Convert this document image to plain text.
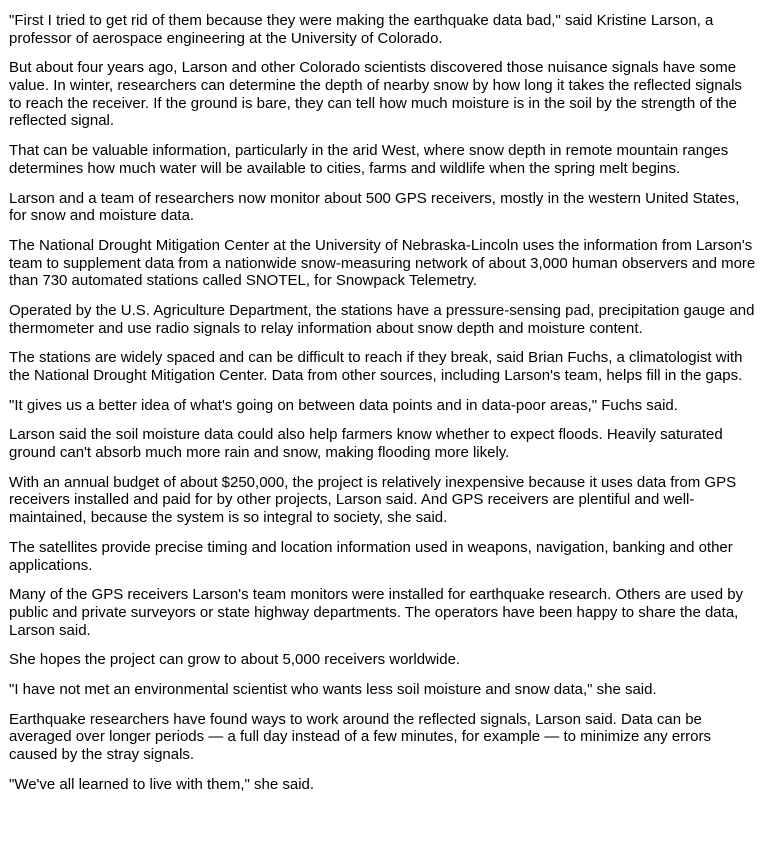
"First I tried to get rid of them because they were making the earthquake data bad," said Kristine Larson, a professor of aerospace engineering at the University of Colorado.

But about four years ago, Larson and other Colorado scientists discovered those nuisance signals have some value. In winter, researchers can determine the depth of nearby snow by how long it takes the reflected signals to reach the receiver. If the ground is bare, they can tell how much moisture is in the soil by the strength of the reflected signal.

That can be valuable information, particularly in the arid West, where snow depth in remote mountain ranges determines how much water will be available to cities, farms and wildlife when the spring melt begins.

Larson and a team of researchers now monitor about 500 GPS receivers, mostly in the western United States, for snow and moisture data.

The National Drought Mitigation Center at the University of Nebraska-Lincoln uses the information from Larson's team to supplement data from a nationwide snow-measuring network of about 3,000 human observers and more than 730 automated stations called SNOTEL, for Snowpack Telemetry.

Operated by the U.S. Agriculture Department, the stations have a pressure-sensing pad, precipitation gauge and thermometer and use radio signals to relay information about snow depth and moisture content.

The stations are widely spaced and can be difficult to reach if they break, said Brian Fuchs, a climatologist with the National Drought Mitigation Center. Data from other sources, including Larson's team, helps fill in the gaps.

"It gives us a better idea of what's going on between data points and in data-poor areas," Fuchs said.

Larson said the soil moisture data could also help farmers know whether to expect floods. Heavily saturated ground can't absorb much more rain and snow, making flooding more likely.

With an annual budget of about $250,000, the project is relatively inexpensive because it uses data from GPS receivers installed and paid for by other projects, Larson said. And GPS receivers are plentiful and well-maintained, because the system is so integral to society, she said.

The satellites provide precise timing and location information used in weapons, navigation, banking and other applications.

Many of the GPS receivers Larson's team monitors were installed for earthquake research. Others are used by public and private surveyors or state highway departments. The operators have been happy to share the data, Larson said.

She hopes the project can grow to about 5,000 receivers worldwide.

"I have not met an environmental scientist who wants less soil moisture and snow data," she said.

Earthquake researchers have found ways to work around the reflected signals, Larson said. Data can be averaged over longer periods — a full day instead of a few minutes, for example — to minimize any errors caused by the stray signals.

"We've all learned to live with them," she said.
